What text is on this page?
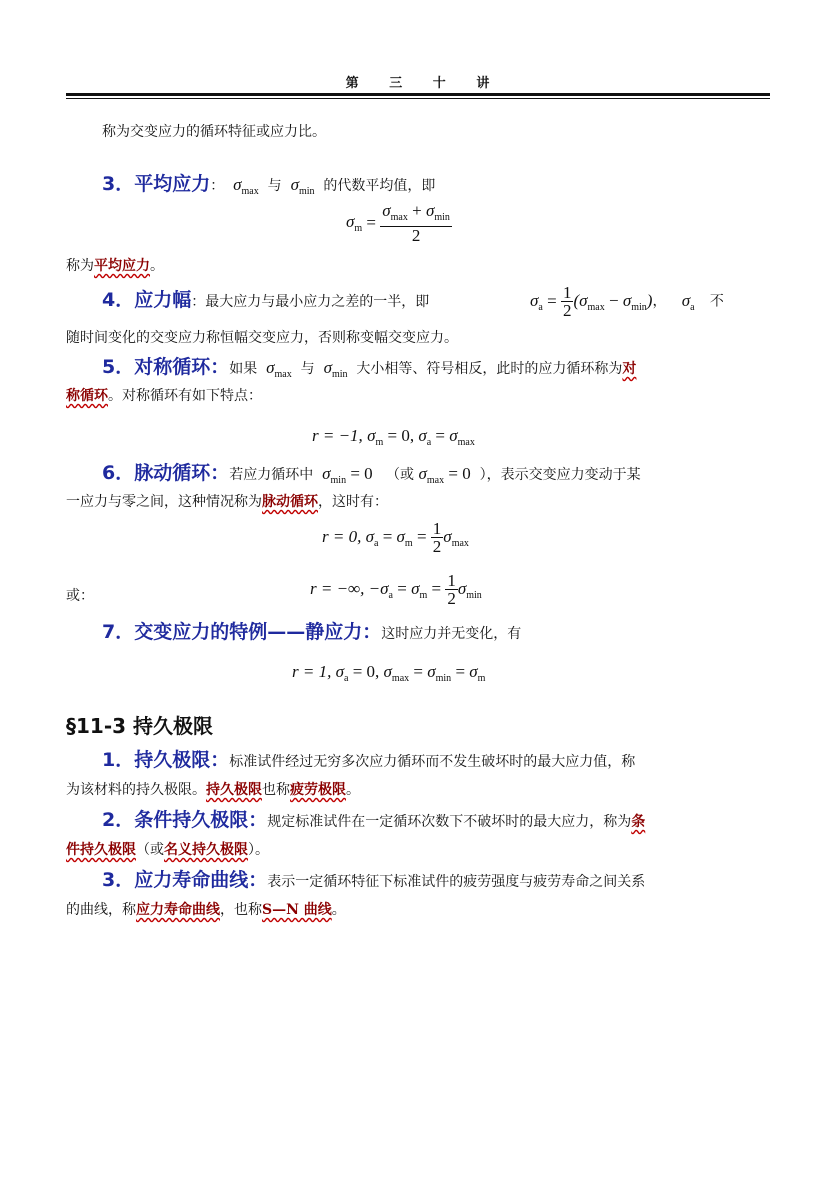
第 三 十 讲
称为交变应力的循环特征或应力比。
3．平均应力： $\sigma_{max}$ 与 $\sigma_{min}$ 的代数平均值，即
$\sigma_m = \frac{\sigma_{max} + \sigma_{min}}{2}$
称为平均应力。
4．应力幅：最大应力与最小应力之差的一半，即	$\sigma_a = \frac{1}{2} (\sigma_{max} - \sigma_{min})$， $\sigma_a$ 不
随时间变化的交变应力称恒幅交变应力，否则称变幅交变应力。
5．对称循环：如果 $\sigma_{max}$ 与 $\sigma_{min}$ 大小相等、符号相反，此时的应力循环称为对
称循环。对称循环有如下特点：
r = −1, $\sigma_m = 0$, $\sigma_a = \sigma_{max}$
6．脉动循环：若应力循环中 $\sigma_{min} = 0$ （或 $\sigma_{max} = 0$ ），表示交变应力变动于某
一应力与零之间，这种情况称为脉动循环，这时有：
r = 0, $\sigma_a = \sigma_m = \frac{1}{2} \sigma_{max}$
或：	r = −∞, $-\sigma_a = \sigma_m = \frac{1}{2} \sigma_{min}$
7．交变应力的特例——静应力：这时应力并无变化，有
r = 1, $\sigma_a = 0$, $\sigma_{max} = \sigma_{min} = \sigma_m$
§11-3 持久极限
1．持久极限：标准试件经过无穷多次应力循环而不发生破坏时的最大应力值，称
为该材料的持久极限。持久极限也称疲劳极限。
2．条件持久极限：规定标准试件在一定循环次数下不破坏时的最大应力，称为条
件持久极限（或名义持久极限）。
3．应力寿命曲线：表示一定循环特征下标准试件的疲劳强度与疲劳寿命之间关系
的曲线，称应力寿命曲线，也称S—N 曲线。
